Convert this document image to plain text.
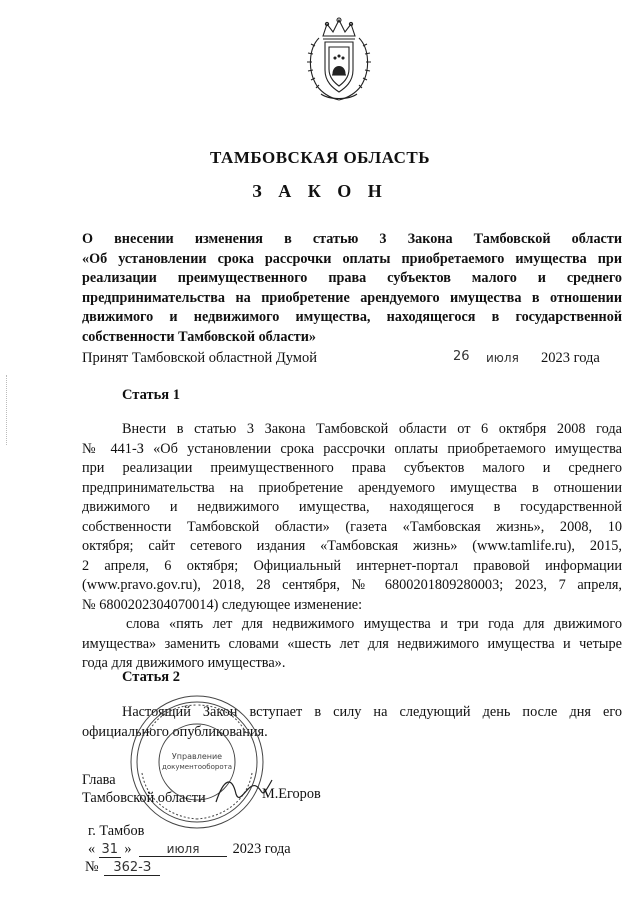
ТАМБОВСКАЯ ОБЛАСТЬ
З А К О Н
О внесении изменения в статью 3 Закона Тамбовской области
«Об установлении срока рассрочки оплаты приобретаемого имущества при
реализации преимущественного права субъектов малого и среднего
предпринимательства на приобретение арендуемого имущества в отношении
движимого и недвижимого имущества, находящегося в государственной
собственности Тамбовской области»
Принят Тамбовской областной Думой	26 июля 2023 года
Статья 1
Внести в статью 3 Закона Тамбовской области от 6 октября 2008 года
№ 441-З «Об установлении срока рассрочки оплаты приобретаемого имущества
при реализации преимущественного права субъектов малого и среднего
предпринимательства на приобретение арендуемого имущества в отношении
движимого и недвижимого имущества, находящегося в государственной
собственности Тамбовской области» (газета «Тамбовская жизнь», 2008, 10
октября; сайт сетевого издания «Тамбовская жизнь» (www.tamlife.ru), 2015,
2 апреля, 6 октября; Официальный интернет-портал правовой информации
(www.pravo.gov.ru), 2018, 28 сентября, № 6800201809280003; 2023, 7 апреля,
№ 6800202304070014) следующее изменение:
слова «пять лет для недвижимого имущества и три года для движимого
имущества» заменить словами «шесть лет для недвижимого имущества и четыре
года для движимого имущества».
Статья 2
Настоящий Закон вступает в силу на следующий день после дня его
официального опубликования.
Управление
документооборота
Глава
Тамбовской области	М.Егоров
г. Тамбов
« 31 »	июля 2023 года
№ 362-З
